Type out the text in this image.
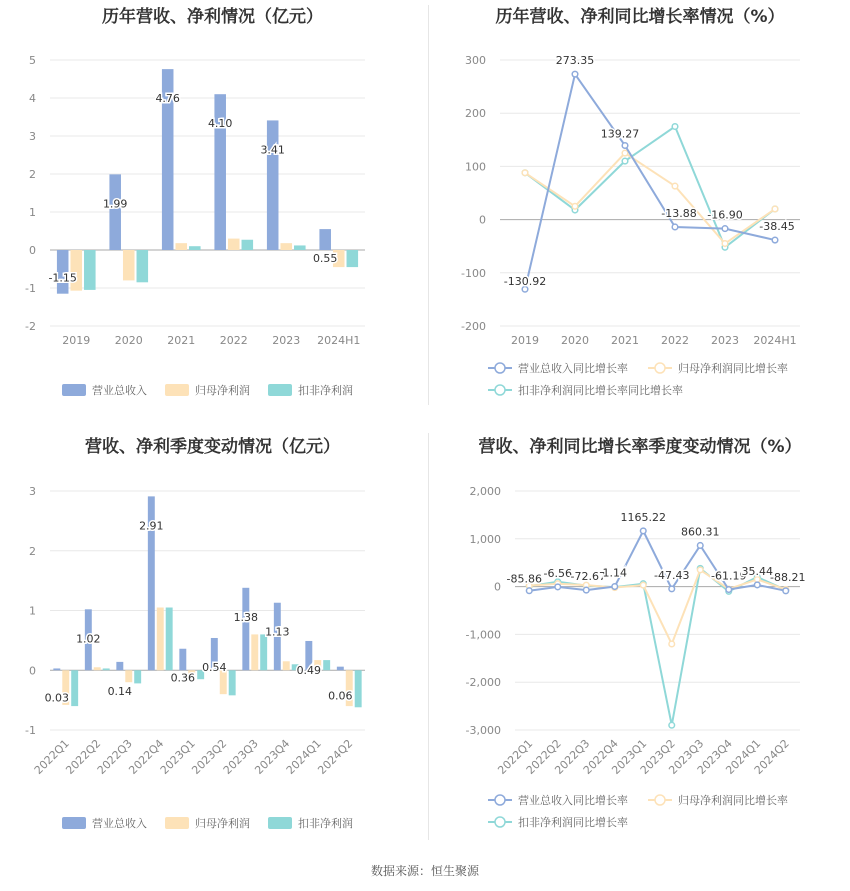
历年营收、净利情况（亿元）
-2
-1
0
1
2
3
4
5
2019 2020 2021 2022 2023 2024H1
-1.15
1.99
4.76
4.10
3.41
0.55
营业总收入	归母净利润	扣非净利润
历年营收、净利同比增长率情况（%）
-200
-100
0
100
200
300
2019 2020 2021 2022 2023 2024H1
-130.92
273.35
139.27
-13.88 -16.90
-38.45
营业总收入同比增长率	归母净利润同比增长率
扣非净利润同比增长率同比增长率
营收、净利季度变动情况（亿元）
-1
0
1
2
3
2022Q1
2022Q2
2022Q3
2022Q4
2023Q1
2023Q2
2023Q3
2023Q4
2024Q1
2024Q2
0.03
1.02
0.14
2.91
0.36
0.54
1.38
1.13
0.49
0.06
营业总收入	归母净利润	扣非净利润
营收、净利同比增长率季度变动情况（%）
-3,000
-2,000
-1,000
0
1,000
2,000
2022Q1
2022Q2
2022Q3
2022Q4
2023Q1
2023Q2
2023Q3
2023Q4
2024Q1
2024Q2
-85.86 -6.56
-72.67
1.14
1165.22
-47.43
860.31
-61.19
35.44
-88.21
营业总收入同比增长率	归母净利润同比增长率
扣非净利润同比增长率
数据来源：恒生聚源
